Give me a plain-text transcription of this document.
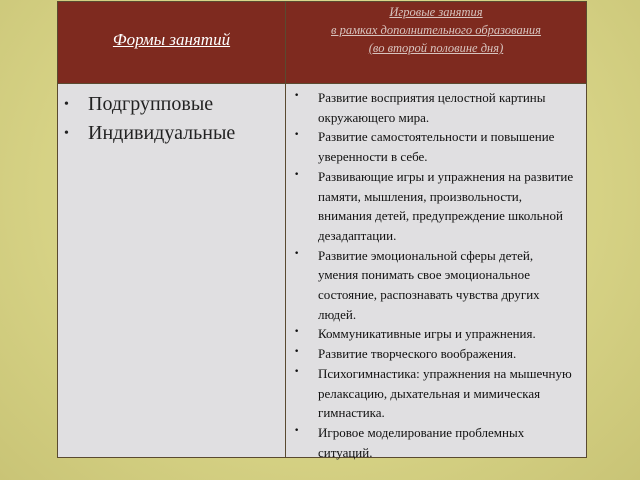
Формы занятий
Игровые занятия
в рамках дополнительного образования
(во второй половине дня)
• Подгрупповые
• Индивидуальные
· Развитие восприятия целостной картины окружающего мира.
· Развитие самостоятельности и повышение уверенности в себе.
· Развивающие игры и упражнения на развитие памяти, мышления, произвольности, внимания детей, предупреждение школьной дезадаптации.
· Развитие эмоциональной сферы детей, умения понимать свое эмоциональное состояние, распознавать чувства других людей.
· Коммуникативные игры и упражнения.
· Развитие творческого воображения.
· Психогимнастика: упражнения на мышечную релаксацию, дыхательная и мимическая гимнастика.
· Игровое моделирование проблемных ситуаций.
